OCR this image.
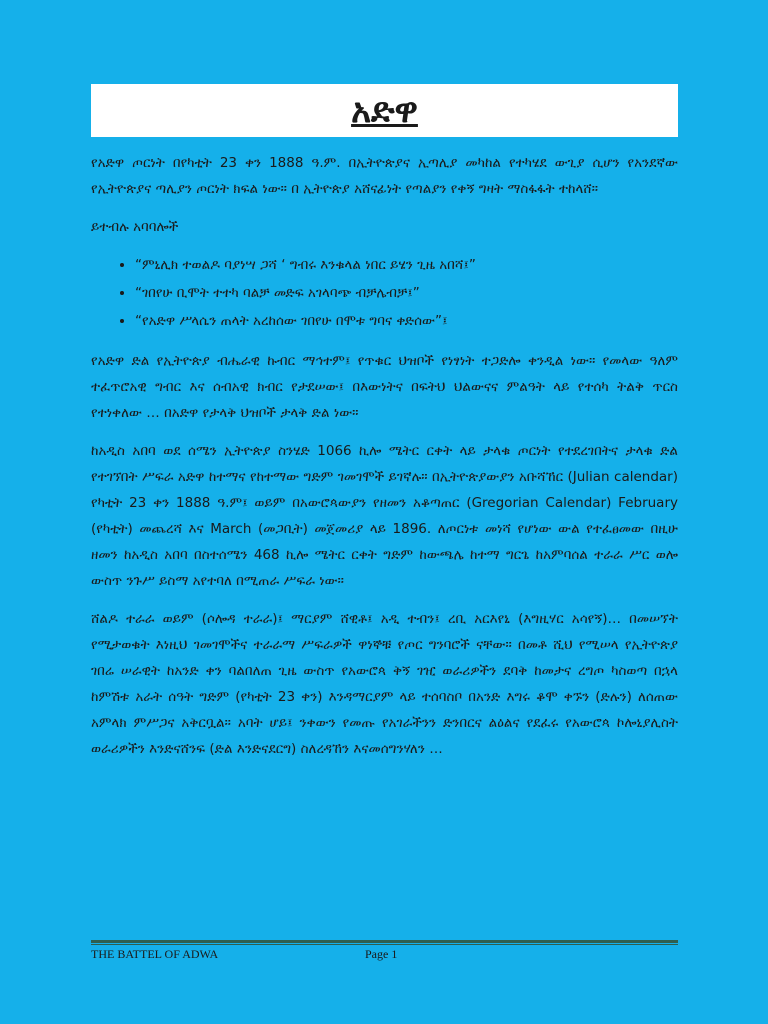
አድዋ

የአድዋ ጦርነት በየካቲት 23 ቀን 1888 ዓ.ም. በኢትዮጵያና ኢጣሊያ መካከል የተካሄደ ውጊያ ሲሆን የአንደኛው የኢትዮጵያና ጣሊያን ጦርነት ክፍል ነው። በ ኢትዮጵያ አሸናፊነት የጣልያን የቀኝ ግዛት ማስፋፋት ተከላሸ።

ይተብሉ አባባሎች

• “ምኒሊክ ተወልዶ ባያነሣ ጋሻ ‘ ግብሩ እንቁላል ነበር ይሄን ጊዜ አበሻ፤”
• “ገበየሁ ቢሞት ተተካ ባልቻ መድፍ አገላባጭ ብቻሌብቻ፤”
• “የአድዋ ሥላሴን ጠላት አረከሰው ገበየሁ በሞቱ ግባና ቀድሰው”፤

የአድዋ ድል የኢትዮጵያ ብሔራዊ ኩብር ማኅተም፤ የጥቁር ህዝቦች የነፃነት ተጋድሎ ቀንዲል ነው። የመላው ዓለም ተፈጥሮአዊ ግብር እና ሰብአዊ ክብር የታደሠው፤ በእውነትና በፍትህ ህልውናና ምልዓት ላይ የተሰካ ትልቅ ጥርስ የተነቀለው … በአድዋ የታላቅ ህዝቦች ታላቅ ድል ነው።

ከአዲስ አበባ ወደ ሰሜን ኢትዮጵያ ስንሄድ 1066 ኪሎ ሜትር ርቀት ላይ ታላቁ ጦርነት የተደረገበትና ታላቁ ድል የተገኘበት ሥፍራ አድዋ ከተማና የከተማው ግድም ገመገሞች ይገኛሉ። በኢትዮጵያውያን አቡሻኸር (Julian calendar) የካቲት 23 ቀን 1888 ዓ.ም፤ ወይም በአውሮጳውያን የዘመን አቆጣጠር (Gregorian Calendar) February (የካቲት) መጨረሻ እና March (መጋቢት) መጀመሪያ ላይ 1896. ለጦርነቱ መነሻ የሆነው ውል የተፈፀመው በዚሁ ዘመን ከአዲስ አበባ በስተሰሜን 468 ኪሎ ሜትር ርቀት ግድም ከውጫሌ ከተማ ግርጌ ከአምባሰል ተራራ ሥር ወሎ ውስጥ ንጉሥ ይስማ አየተባለ በሚጠራ ሥፍራ ነው።

ሸልዶ ተራራ ወይም (ሶሎዳ ተራራ)፤ ማርያም ሸዊቶ፤ አዲ ተብን፤ ረቢ አርእየኒ (እግዚሃር አሳየኝ)… በመሠኘት የሚታወቁት እነዚህ ገመገሞችና ተራራማ ሥፍራዎች ዋነኞቹ የጦር ግንባሮች ናቸው። በመቶ ሺህ የሚሠላ የኢትዮጵያ ገበሬ ሠራዊት ከአንድ ቀን ባልበለጠ ጊዜ ውስጥ የአውሮጳ ቅኝ ገዢ ወራሪዎችን ደባቅ ከመታና ረግጦ ካስወጣ በኋላ ከምሽቱ አራት ሰዓት ግድም (የካቲት 23 ቀን) እንዳማርያም ላይ ተሰባስቦ በአንድ እግሩ ቆሞ ቀኙን (ድሉን) ለሰጠው አምላክ ምሥጋና አቅርቧል። አባት ሆይ፤ ንቀውን የመጡ የአገራችንን ድንበርና ልዕልና የደፈሩ የአውሮጳ ኮሎኒያሊስት ወራሪዎችን እንድናሸንፍ (ድል እንድናደርግ) ስለረዳኸን እናመሰግንሃለን …

THE BATTEL OF ADWA	Page 1
